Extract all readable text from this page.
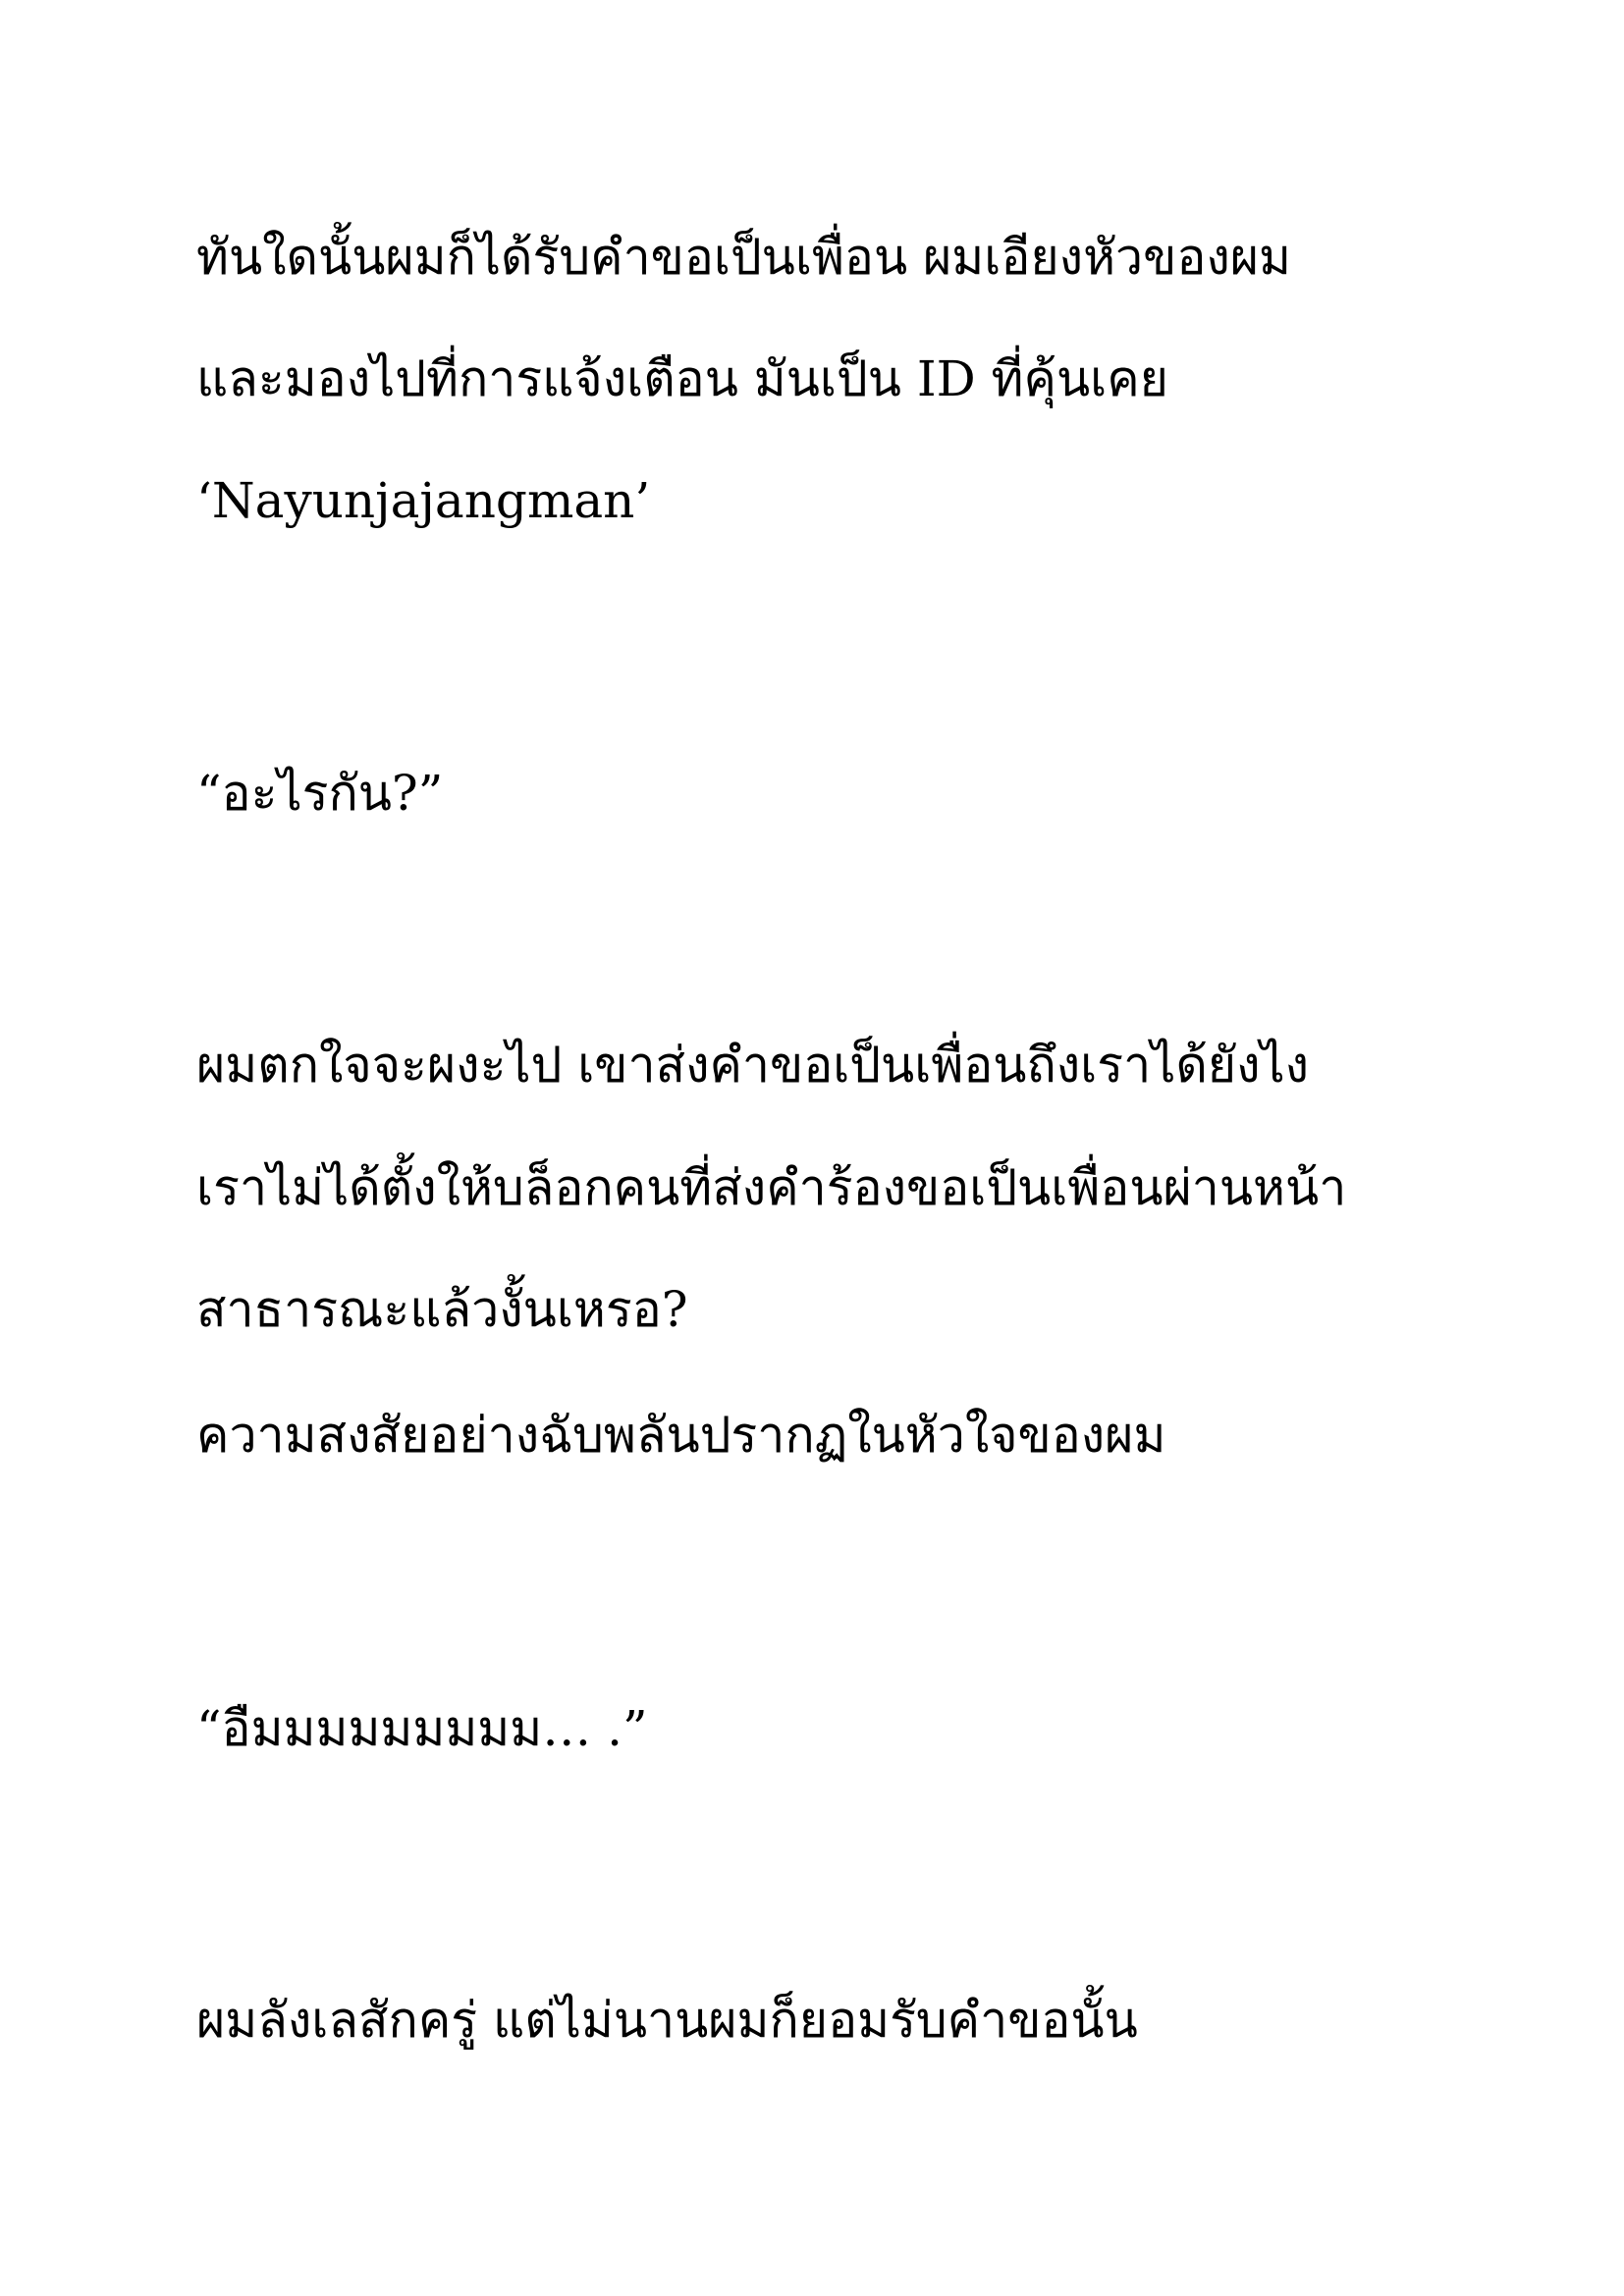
ทันใดนั้นผมก็ได้รับคำขอเป็นเพื่อน ผมเอียงหัวของผม

และมองไปที่การแจ้งเตือน มันเป็น ID ที่คุ้นเคย

‘Nayunjajangman’

“อะไรกัน?”

ผมตกใจจะผงะไป เขาส่งคำขอเป็นเพื่อนถึงเราได้ยังไง

เราไม่ได้ตั้งให้บล็อกคนที่ส่งคำร้องขอเป็นเพื่อนผ่านหน้า

สาธารณะแล้วงั้นเหรอ?

ความสงสัยอย่างฉับพลันปรากฏในหัวใจของผม

“อืมมมมมมมมม… .”

ผมลังเลสักครู่ แต่ไม่นานผมก็ยอมรับคำขอนั้น
